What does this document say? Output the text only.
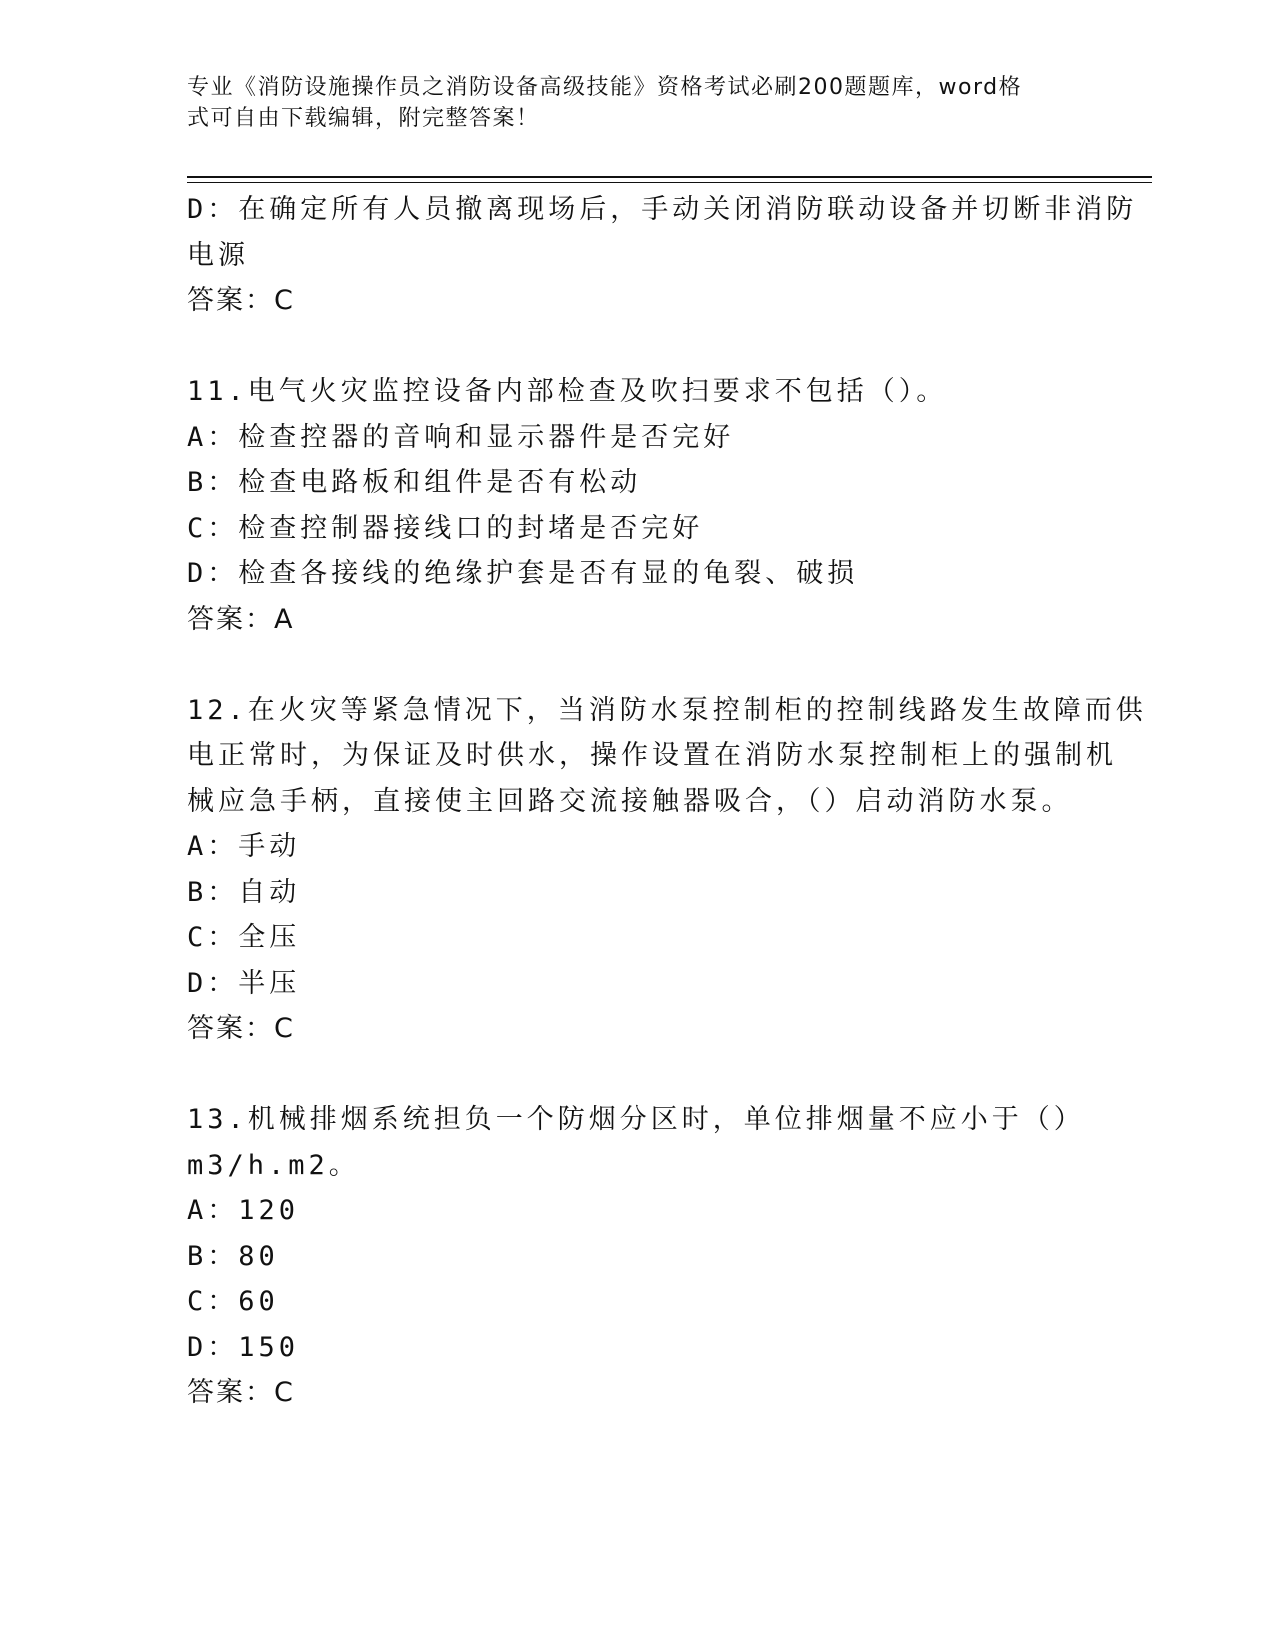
专业《消防设施操作员之消防设备高级技能》资格考试必刷200题题库，word格
式可自由下载编辑，附完整答案！
D：在确定所有人员撤离现场后，手动关闭消防联动设备并切断非消防
电源
答案：C
11.电气火灾监控设备内部检查及吹扫要求不包括（）。
A：检查控器的音响和显示器件是否完好
B：检查电路板和组件是否有松动
C：检查控制器接线口的封堵是否完好
D：检查各接线的绝缘护套是否有显的龟裂、破损
答案：A
12.在火灾等紧急情况下，当消防水泵控制柜的控制线路发生故障而供
电正常时，为保证及时供水，操作设置在消防水泵控制柜上的强制机
械应急手柄，直接使主回路交流接触器吸合，（）启动消防水泵。
A：手动
B：自动
C：全压
D：半压
答案：C
13.机械排烟系统担负一个防烟分区时，单位排烟量不应小于（）
m3/h.m2。
A：120
B：80
C：60
D：150
答案：C
